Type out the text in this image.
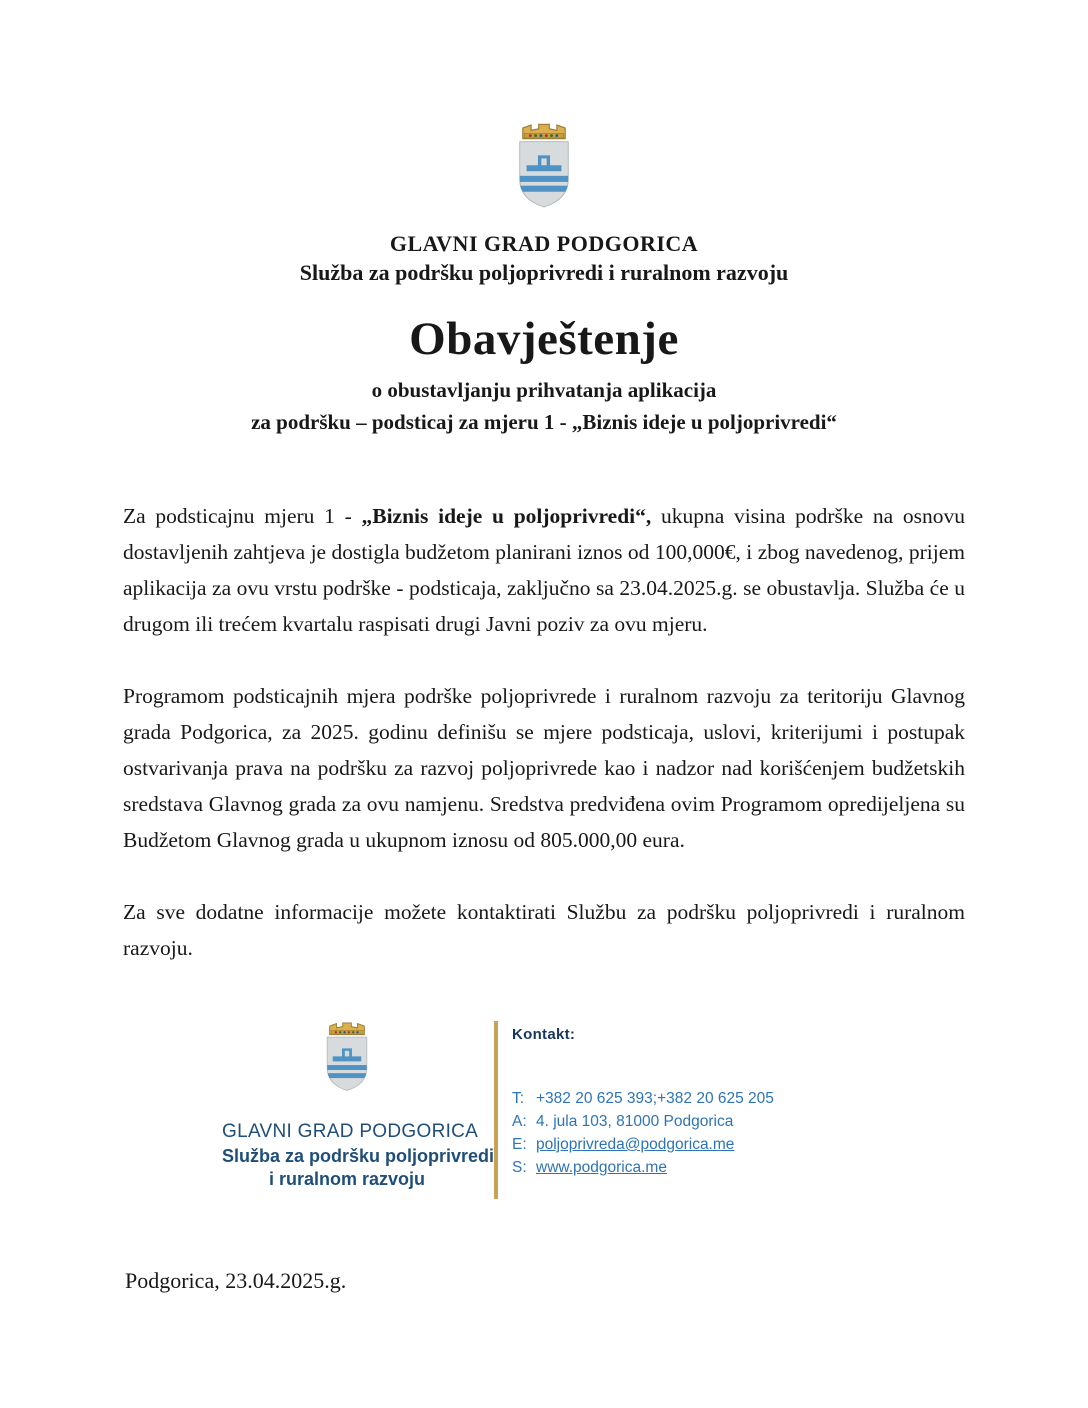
GLAVNI GRAD PODGORICA
Služba za podršku poljoprivredi i ruralnom razvoju
Obavještenje
o obustavljanju prihvatanja aplikacija
za podršku – podsticaj za mjeru 1 - „Biznis ideje u poljoprivredi“

Za podsticajnu mjeru 1 - „Biznis ideje u poljoprivredi“, ukupna visina podrške na osnovu dostavljenih zahtjeva je dostigla budžetom planirani iznos od 100,000€, i zbog navedenog, prijem aplikacija za ovu vrstu podrške - podsticaja, zaključno sa 23.04.2025.g. se obustavlja. Služba će u drugom ili trećem kvartalu raspisati drugi Javni poziv za ovu mjeru.

Programom podsticajnih mjera podrške poljoprivrede i ruralnom razvoju za teritoriju Glavnog grada Podgorica, za 2025. godinu definišu se mjere podsticaja, uslovi, kriterijumi i postupak ostvarivanja prava na podršku za razvoj poljoprivrede kao i nadzor nad korišćenjem budžetskih sredstava Glavnog grada za ovu namjenu. Sredstva predviđena ovim Programom opredijeljena su Budžetom Glavnog grada u ukupnom iznosu od 805.000,00 eura.

Za sve dodatne informacije možete kontaktirati Službu za podršku poljoprivredi i ruralnom razvoju.

GLAVNI GRAD PODGORICA
Služba za podršku poljoprivredi
i ruralnom razvoju
Kontakt:
T: +382 20 625 393;+382 20 625 205
A: 4. jula 103, 81000 Podgorica
E: poljoprivreda@podgorica.me
S: www.podgorica.me
Podgorica, 23.04.2025.g.
